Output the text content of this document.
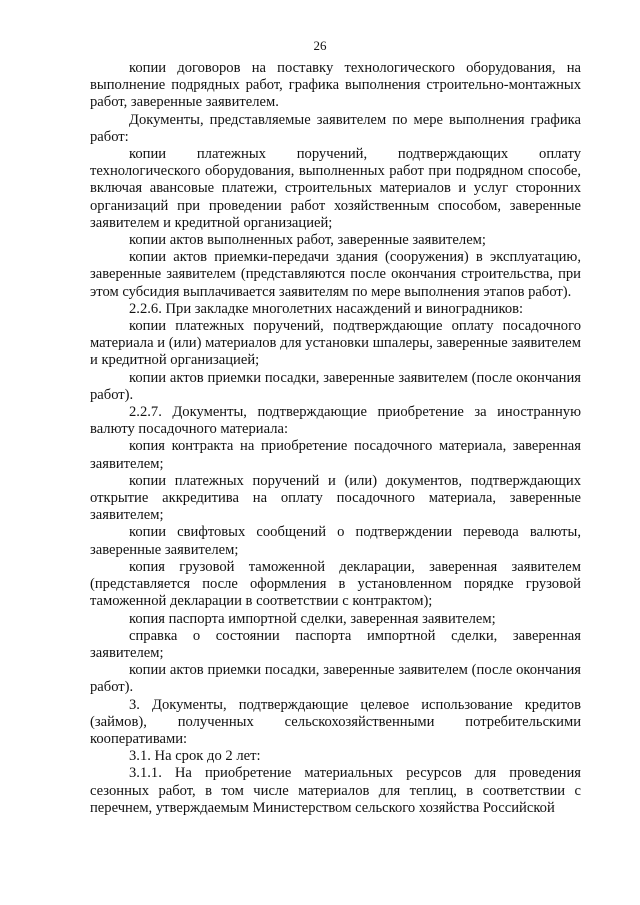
26

копии договоров на поставку технологического оборудования, на выполнение подрядных работ, графика выполнения строительно-монтажных работ, заверенные заявителем.

Документы, представляемые заявителем по мере выполнения графика работ:

копии платежных поручений, подтверждающих оплату технологического оборудования, выполненных работ при подрядном способе, включая авансовые платежи, строительных материалов и услуг сторонних организаций при проведении работ хозяйственным способом, заверенные заявителем и кредитной организацией;

копии актов выполненных работ, заверенные заявителем;

копии актов приемки-передачи здания (сооружения) в эксплуатацию, заверенные заявителем (представляются после окончания строительства, при этом субсидия выплачивается заявителям по мере выполнения этапов работ).

2.2.6. При закладке многолетних насаждений и виноградников:

копии платежных поручений, подтверждающие оплату посадочного материала и (или) материалов для установки шпалеры, заверенные заявителем и кредитной организацией;

копии актов приемки посадки, заверенные заявителем (после окончания работ).

2.2.7. Документы, подтверждающие приобретение за иностранную валюту посадочного материала:

копия контракта на приобретение посадочного материала, заверенная заявителем;

копии платежных поручений и (или) документов, подтверждающих открытие аккредитива на оплату посадочного материала, заверенные заявителем;

копии свифтовых сообщений о подтверждении перевода валюты, заверенные заявителем;

копия грузовой таможенной декларации, заверенная заявителем (представляется после оформления в установленном порядке грузовой таможенной декларации в соответствии с контрактом);

копия паспорта импортной сделки, заверенная заявителем;

справка о состоянии паспорта импортной сделки, заверенная заявителем;

копии актов приемки посадки, заверенные заявителем (после окончания работ).

3. Документы, подтверждающие целевое использование кредитов (займов), полученных сельскохозяйственными потребительскими кооперативами:

3.1. На срок до 2 лет:

3.1.1. На приобретение материальных ресурсов для проведения сезонных работ, в том числе материалов для теплиц, в соответствии с перечнем, утверждаемым Министерством сельского хозяйства Российской
